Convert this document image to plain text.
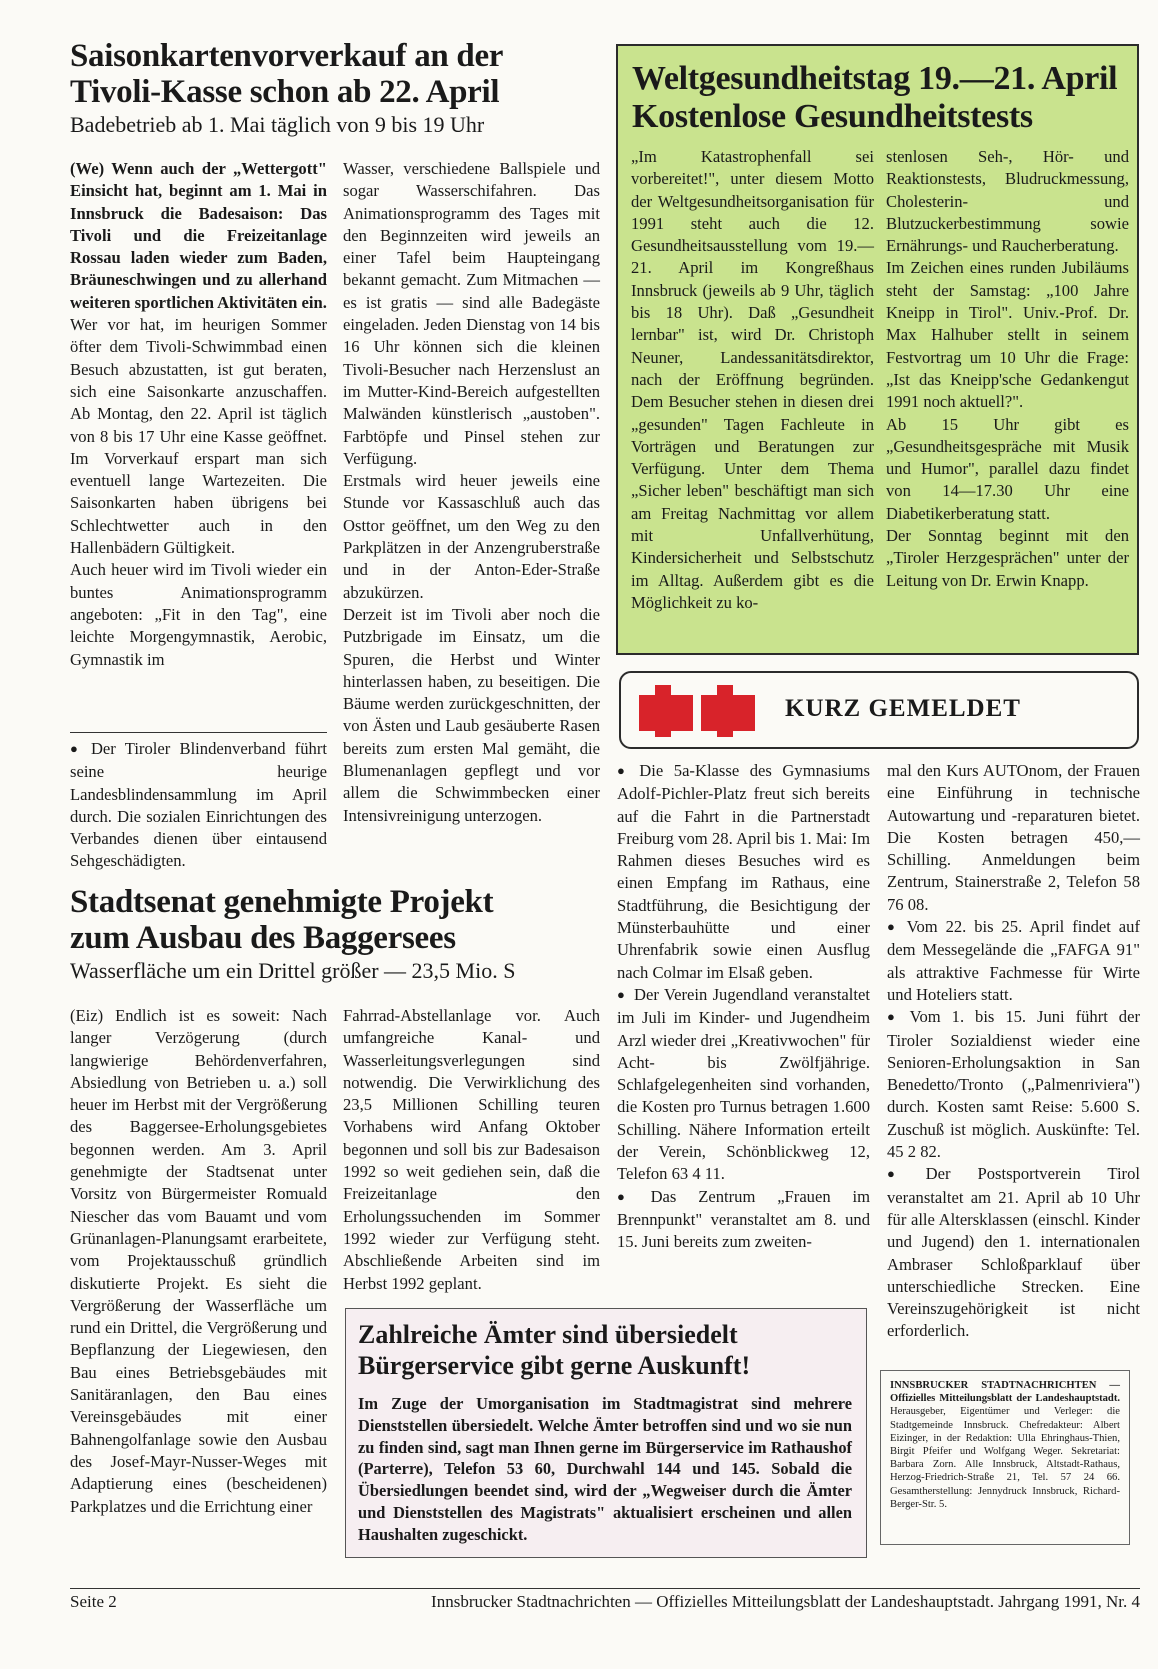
Saisonkartenvorverkauf an der
Tivoli-Kasse schon ab 22. April
Badebetrieb ab 1. Mai täglich von 9 bis 19 Uhr

(We) Wenn auch der „Wettergott" Einsicht hat, beginnt am 1. Mai in Innsbruck die Badesaison: Das Tivoli und die Freizeitanlage Rossau laden wieder zum Baden, Bräuneschwingen und zu allerhand weiteren sportlichen Aktivitäten ein.

Wer vor hat, im heurigen Sommer öfter dem Tivoli-Schwimmbad einen Besuch abzustatten, ist gut beraten, sich eine Saisonkarte anzuschaffen. Ab Montag, den 22. April ist täglich von 8 bis 17 Uhr eine Kasse geöffnet. Im Vorverkauf erspart man sich eventuell lange Wartezeiten. Die Saisonkarten haben übrigens bei Schlechtwetter auch in den Hallenbädern Gültigkeit.

Auch heuer wird im Tivoli wieder ein buntes Animationsprogramm angeboten: „Fit in den Tag", eine leichte Morgengymnastik, Aerobic, Gymnastik im

Wasser, verschiedene Ballspiele und sogar Wasserschifahren. Das Animationsprogramm des Tages mit den Beginnzeiten wird jeweils an einer Tafel beim Haupteingang bekannt gemacht. Zum Mitmachen — es ist gratis — sind alle Badegäste eingeladen. Jeden Dienstag von 14 bis 16 Uhr können sich die kleinen Tivoli-Besucher nach Herzenslust an im Mutter-Kind-Bereich aufgestellten Malwänden künstlerisch „austoben". Farbtöpfe und Pinsel stehen zur Verfügung.

Erstmals wird heuer jeweils eine Stunde vor Kassaschluß auch das Osttor geöffnet, um den Weg zu den Parkplätzen in der Anzengruberstraße und in der Anton-Eder-Straße abzukürzen.

Derzeit ist im Tivoli aber noch die Putzbrigade im Einsatz, um die Spuren, die Herbst und Winter hinterlassen haben, zu beseitigen. Die Bäume werden zurückgeschnitten, der von Ästen und Laub gesäuberte Rasen bereits zum ersten Mal gemäht, die Blumenanlagen gepflegt und vor allem die Schwimmbecken einer Intensivreinigung unterzogen.

● Der Tiroler Blindenverband führt seine heurige Landesblindensammlung im April durch. Die sozialen Einrichtungen des Verbandes dienen über eintausend Sehgeschädigten.

Stadtsenat genehmigte Projekt
zum Ausbau des Baggersees
Wasserfläche um ein Drittel größer — 23,5 Mio. S

(Eiz) Endlich ist es soweit: Nach langer Verzögerung (durch langwierige Behördenverfahren, Absiedlung von Betrieben u. a.) soll heuer im Herbst mit der Vergrößerung des Baggersee-Erholungsgebietes begonnen werden. Am 3. April genehmigte der Stadtsenat unter Vorsitz von Bürgermeister Romuald Niescher das vom Bauamt und vom Grünanlagen-Planungsamt erarbeitete, vom Projektausschuß gründlich diskutierte Projekt. Es sieht die Vergrößerung der Wasserfläche um rund ein Drittel, die Vergrößerung und Bepflanzung der Liegewiesen, den Bau eines Betriebsgebäudes mit Sanitäranlagen, den Bau eines Vereinsgebäudes mit einer Bahnengolfanlage sowie den Ausbau des Josef-Mayr-Nusser-Weges mit Adaptierung eines (bescheidenen) Parkplatzes und die Errichtung einer

Fahrrad-Abstellanlage vor. Auch umfangreiche Kanal- und Wasserleitungsverlegungen sind notwendig. Die Verwirklichung des 23,5 Millionen Schilling teuren Vorhabens wird Anfang Oktober begonnen und soll bis zur Badesaison 1992 so weit gediehen sein, daß die Freizeitanlage den Erholungssuchenden im Sommer 1992 wieder zur Verfügung steht. Abschließende Arbeiten sind im Herbst 1992 geplant.

Weltgesundheitstag 19.—21. April
Kostenlose Gesundheitstests

„Im Katastrophenfall sei vorbereitet!", unter diesem Motto der Weltgesundheitsorganisation für 1991 steht auch die 12. Gesundheitsausstellung vom 19.—21. April im Kongreßhaus Innsbruck (jeweils ab 9 Uhr, täglich bis 18 Uhr). Daß „Gesundheit lernbar" ist, wird Dr. Christoph Neuner, Landessanitätsdirektor, nach der Eröffnung begründen. Dem Besucher stehen in diesen drei „gesunden" Tagen Fachleute in Vorträgen und Beratungen zur Verfügung. Unter dem Thema „Sicher leben" beschäftigt man sich am Freitag Nachmittag vor allem mit Unfallverhütung, Kindersicherheit und Selbstschutz im Alltag. Außerdem gibt es die Möglichkeit zu ko-

stenlosen Seh-, Hör- und Reaktionstests, Bludruckmessung, Cholesterin- und Blutzuckerbestimmung sowie Ernährungs- und Raucherberatung.

Im Zeichen eines runden Jubiläums steht der Samstag: „100 Jahre Kneipp in Tirol". Univ.-Prof. Dr. Max Halhuber stellt in seinem Festvortrag um 10 Uhr die Frage: „Ist das Kneipp'sche Gedankengut 1991 noch aktuell?".

Ab 15 Uhr gibt es „Gesundheitsgespräche mit Musik und Humor", parallel dazu findet von 14—17.30 Uhr eine Diabetikerberatung statt.

Der Sonntag beginnt mit den „Tiroler Herzgesprächen" unter der Leitung von Dr. Erwin Knapp.

KURZ GEMELDET

● Die 5a-Klasse des Gymnasiums Adolf-Pichler-Platz freut sich bereits auf die Fahrt in die Partnerstadt Freiburg vom 28. April bis 1. Mai: Im Rahmen dieses Besuches wird es einen Empfang im Rathaus, eine Stadtführung, die Besichtigung der Münsterbauhütte und einer Uhrenfabrik sowie einen Ausflug nach Colmar im Elsaß geben.

● Der Verein Jugendland veranstaltet im Juli im Kinder- und Jugendheim Arzl wieder drei „Kreativwochen" für Acht- bis Zwölfjährige. Schlafgelegenheiten sind vorhanden, die Kosten pro Turnus betragen 1.600 Schilling. Nähere Information erteilt der Verein, Schönblickweg 12, Telefon 63 4 11.

● Das Zentrum „Frauen im Brennpunkt" veranstaltet am 8. und 15. Juni bereits zum zweiten-

mal den Kurs AUTOnom, der Frauen eine Einführung in technische Autowartung und -reparaturen bietet. Die Kosten betragen 450,— Schilling. Anmeldungen beim Zentrum, Stainerstraße 2, Telefon 58 76 08.

● Vom 22. bis 25. April findet auf dem Messegelände die „FAFGA 91" als attraktive Fachmesse für Wirte und Hoteliers statt.

● Vom 1. bis 15. Juni führt der Tiroler Sozialdienst wieder eine Senioren-Erholungsaktion in San Benedetto/Tronto („Palmenriviera") durch. Kosten samt Reise: 5.600 S. Zuschuß ist möglich. Auskünfte: Tel. 45 2 82.

● Der Postsportverein Tirol veranstaltet am 21. April ab 10 Uhr für alle Altersklassen (einschl. Kinder und Jugend) den 1. internationalen Ambraser Schloßparklauf über unterschiedliche Strecken. Eine Vereinszugehörigkeit ist nicht erforderlich.

Zahlreiche Ämter sind übersiedelt
Bürgerservice gibt gerne Auskunft!
Im Zuge der Umorganisation im Stadtmagistrat sind mehrere Dienststellen übersiedelt. Welche Ämter betroffen sind und wo sie nun zu finden sind, sagt man Ihnen gerne im Bürgerservice im Rathaushof (Parterre), Telefon 53 60, Durchwahl 144 und 145. Sobald die Übersiedlungen beendet sind, wird der „Wegweiser durch die Ämter und Dienststellen des Magistrats" aktualisiert erscheinen und allen Haushalten zugeschickt.
INNSBRUCKER STADTNACHRICHTEN — Offizielles Mitteilungsblatt der Landeshauptstadt. Herausgeber, Eigentümer und Verleger: die Stadtgemeinde Innsbruck. Chefredakteur: Albert Eizinger, in der Redaktion: Ulla Ehringhaus-Thien, Birgit Pfeifer und Wolfgang Weger. Sekretariat: Barbara Zorn. Alle Innsbruck, Altstadt-Rathaus, Herzog-Friedrich-Straße 21, Tel. 57 24 66. Gesamtherstellung: Jennydruck Innsbruck, Richard-Berger-Str. 5.
Seite 2	Innsbrucker Stadtnachrichten — Offizielles Mitteilungsblatt der Landeshauptstadt. Jahrgang 1991, Nr. 4
